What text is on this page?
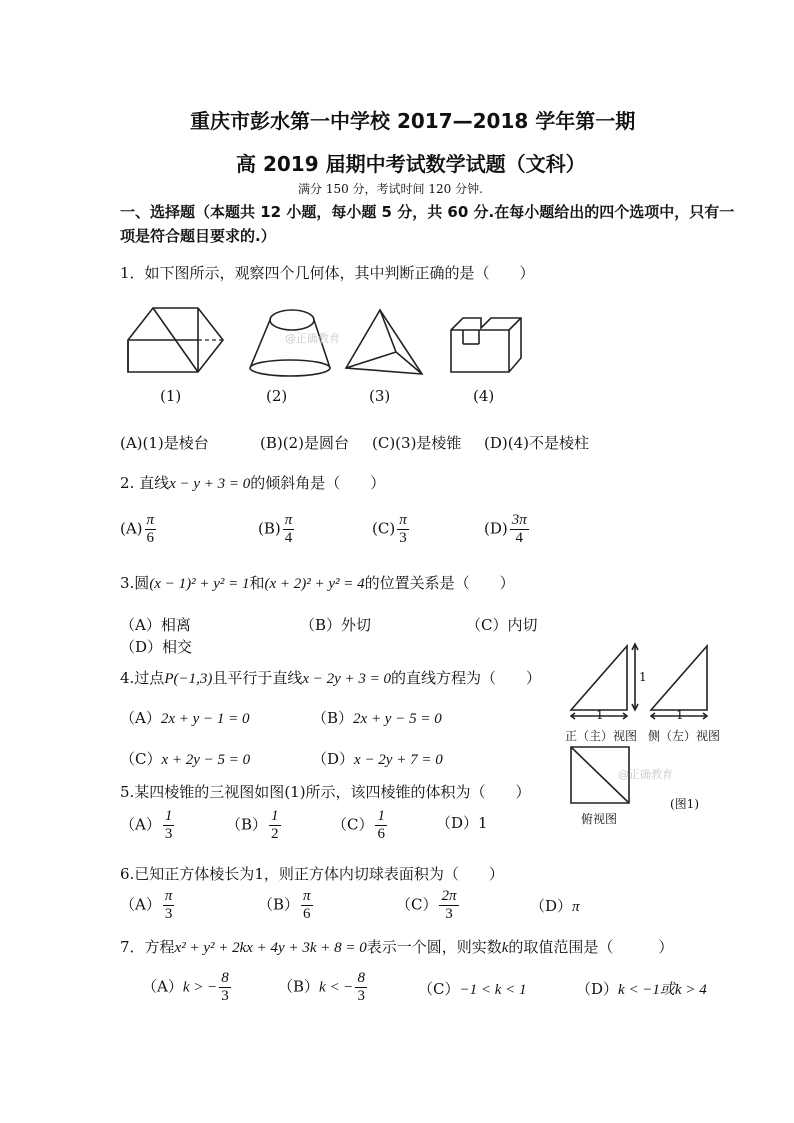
重庆市彭水第一中学校 2017—2018 学年第一期
高 2019 届期中考试数学试题（文科）
满分 150 分，考试时间 120 分钟.
一、选择题（本题共 12 小题，每小题 5 分，共 60 分.在每小题给出的四个选项中，只有一
项是符合题目要求的.）
1．如下图所示，观察四个几何体，其中判断正确的是（　　）
@正确教育
(1)	(2)	(3)	(4)
(A)(1)是棱台	(B)(2)是圆台 (C)(3)是棱锥 (D)(4)不是棱柱
2. 直线x − y + 3 = 0的倾斜角是（　　）
$(A) \frac{\pi}{6}$	$(B) \frac{\pi}{4}$	$(C) \frac{\pi}{3}$	$(D) \frac{3\pi}{4}$
3.圆(x − 1)² + y² = 1和(x + 2)² + y² = 4的位置关系是（　　）
（A）相离	（B）外切	（C）内切
（D）相交
4.过点P(−1,3)且平行于直线x − 2y + 3 = 0的直线方程为（　　）
（A）2x + y − 1 = 0	（B）2x + y − 5 = 0
（C）x + 2y − 5 = 0	（D）x − 2y + 7 = 0
1
1	1
正（主）视图 侧（左）视图
@正确教育
(图1)
俯视图
5.某四棱锥的三视图如图(1)所示，该四棱锥的体积为（　　）
$(A) \frac{1}{3}$	$(B) \frac{1}{2}$	$(C) \frac{1}{6}$	（D）1
6.已知正方体棱长为1，则正方体内切球表面积为（　　）
$(A) \frac{\pi}{3}$	$(B) \frac{\pi}{6}$	$(C) \frac{2\pi}{3}$	（D）π
7．方程x² + y² + 2kx + 4y + 3k + 8 = 0表示一个圆，则实数k的取值范围是（　　　）
（A）k > − $\frac{8}{3}$	（B）k < − $\frac{8}{3}$	（C）−1 < k < 1	（D）k < −1或k > 4
